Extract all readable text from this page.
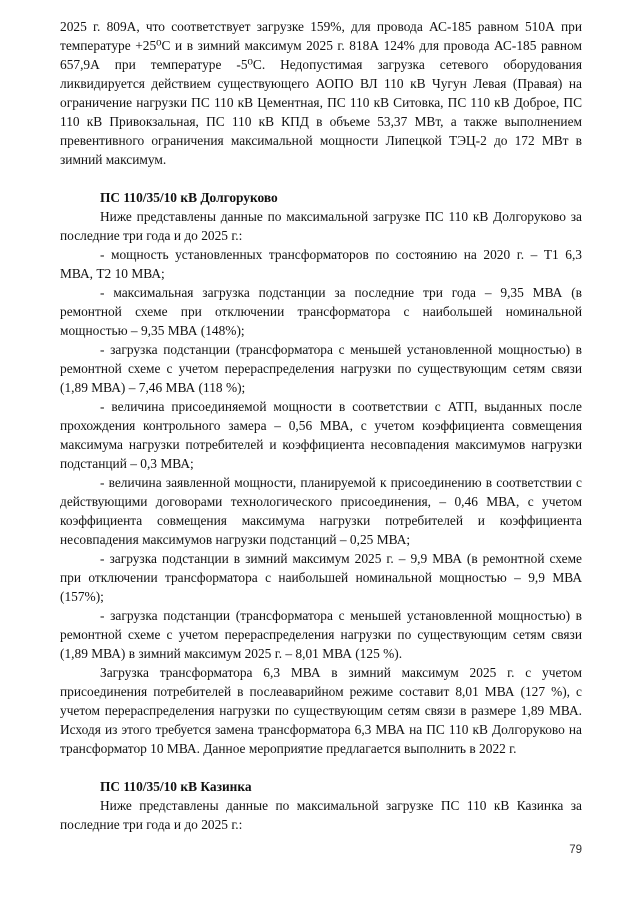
2025 г. 809А, что соответствует загрузке 159%, для провода АС-185 равном 510А при температуре +25⁰С и в зимний максимум 2025 г. 818А 124% для провода АС-185 равном 657,9А при температуре -5⁰С. Недопустимая загрузка сетевого оборудования ликвидируется действием существующего АОПО ВЛ 110 кВ Чугун Левая (Правая) на ограничение нагрузки ПС 110 кВ Цементная, ПС 110 кВ Ситовка, ПС 110 кВ Доброе, ПС 110 кВ Привокзальная, ПС 110 кВ КПД в объеме 53,37 МВт, а также выполнением превентивного ограничения максимальной мощности Липецкой ТЭЦ-2 до 172 МВт в зимний максимум.

ПС 110/35/10 кВ Долгоруково

Ниже представлены данные по максимальной загрузке ПС 110 кВ Долгоруково за последние три года и до 2025 г.:

- мощность установленных трансформаторов по состоянию на 2020 г. – Т1 6,3 МВА, Т2 10 МВА;

- максимальная загрузка подстанции за последние три года – 9,35 МВА (в ремонтной схеме при отключении трансформатора с наибольшей номинальной мощностью – 9,35 МВА (148%);

- загрузка подстанции (трансформатора с меньшей установленной мощностью) в ремонтной схеме с учетом перераспределения нагрузки по существующим сетям связи (1,89 МВА) – 7,46 МВА (118 %);

- величина присоединяемой мощности в соответствии с АТП, выданных после прохождения контрольного замера – 0,56 МВА, с учетом коэффициента совмещения максимума нагрузки потребителей и коэффициента несовпадения максимумов нагрузки подстанций – 0,3 МВА;

- величина заявленной мощности, планируемой к присоединению в соответствии с действующими договорами технологического присоединения, – 0,46 МВА, с учетом коэффициента совмещения максимума нагрузки потребителей и коэффициента несовпадения максимумов нагрузки подстанций – 0,25 МВА;

- загрузка подстанции в зимний максимум 2025 г. – 9,9 МВА (в ремонтной схеме при отключении трансформатора с наибольшей номинальной мощностью – 9,9 МВА (157%);

- загрузка подстанции (трансформатора с меньшей установленной мощностью) в ремонтной схеме с учетом перераспределения нагрузки по существующим сетям связи (1,89 МВА) в зимний максимум 2025 г. – 8,01 МВА (125 %).

Загрузка трансформатора 6,3 МВА в зимний максимум 2025 г. с учетом присоединения потребителей в послеаварийном режиме составит 8,01 МВА (127 %), с учетом перераспределения нагрузки по существующим сетям связи в размере 1,89 МВА. Исходя из этого требуется замена трансформатора 6,3 МВА на ПС 110 кВ Долгоруково на трансформатор 10 МВА. Данное мероприятие предлагается выполнить в 2022 г.

ПС 110/35/10 кВ Казинка

Ниже представлены данные по максимальной загрузке ПС 110 кВ Казинка за последние три года и до 2025 г.:

79
